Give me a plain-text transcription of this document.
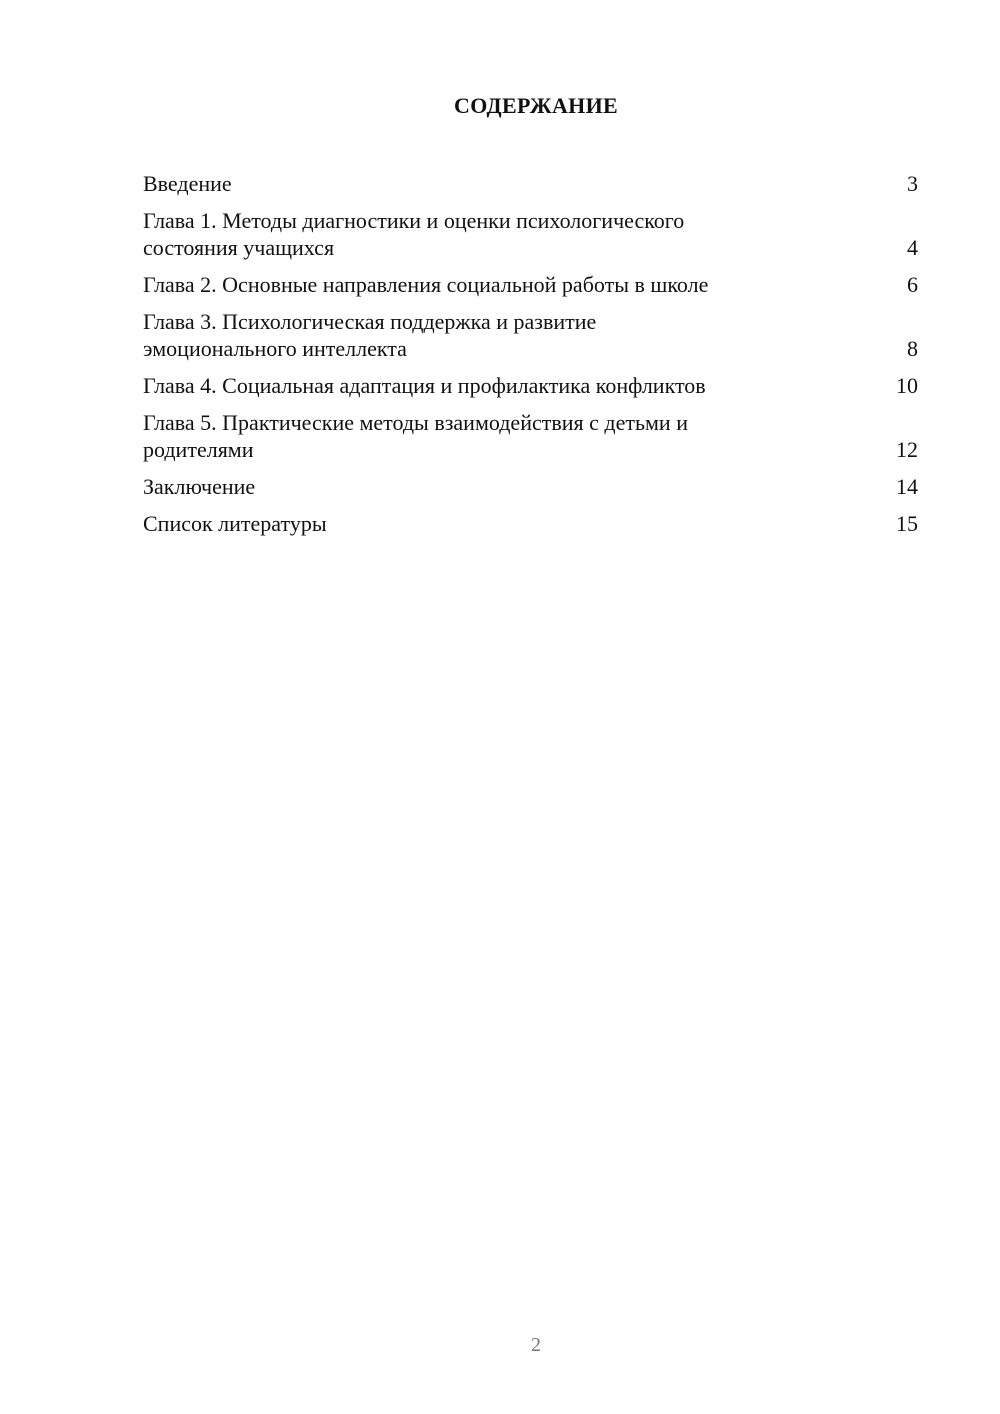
СОДЕРЖАНИЕ
Введение	3
Глава 1. Методы диагностики и оценки психологического
состояния учащихся	4
Глава 2. Основные направления социальной работы в школе	6
Глава 3. Психологическая поддержка и развитие
эмоционального интеллекта	8
Глава 4. Социальная адаптация и профилактика конфликтов	10
Глава 5. Практические методы взаимодействия с детьми и
родителями	12
Заключение	14
Список литературы	15
2
